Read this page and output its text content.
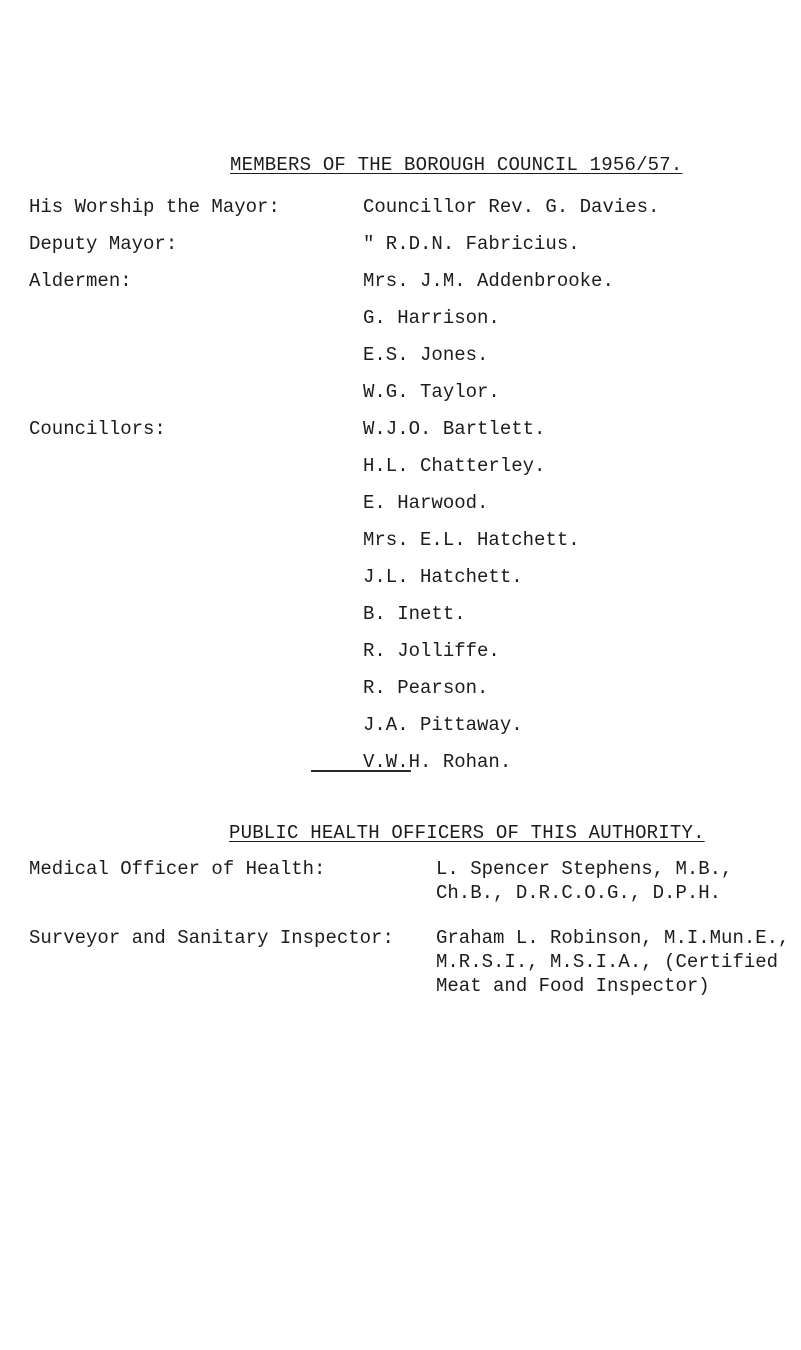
MEMBERS OF THE BOROUGH COUNCIL 1956/57.
His Worship the Mayor:
Deputy Mayor:
Aldermen:
Councillors:
Councillor Rev. G. Davies.
" R.D.N. Fabricius.
Mrs. J.M. Addenbrooke.
G. Harrison.
E.S. Jones.
W.G. Taylor.
W.J.O. Bartlett.
H.L. Chatterley.
E. Harwood.
Mrs. E.L. Hatchett.
J.L. Hatchett.
B. Inett.
R. Jolliffe.
R. Pearson.
J.A. Pittaway.
V.W.H. Rohan.
PUBLIC HEALTH OFFICERS OF THIS AUTHORITY.
Medical Officer of Health:	L. Spencer Stephens, M.B.,
Ch.B., D.R.C.O.G., D.P.H.
Surveyor and Sanitary Inspector: Graham L. Robinson, M.I.Mun.E.,
M.R.S.I., M.S.I.A., (Certified
Meat and Food Inspector)
